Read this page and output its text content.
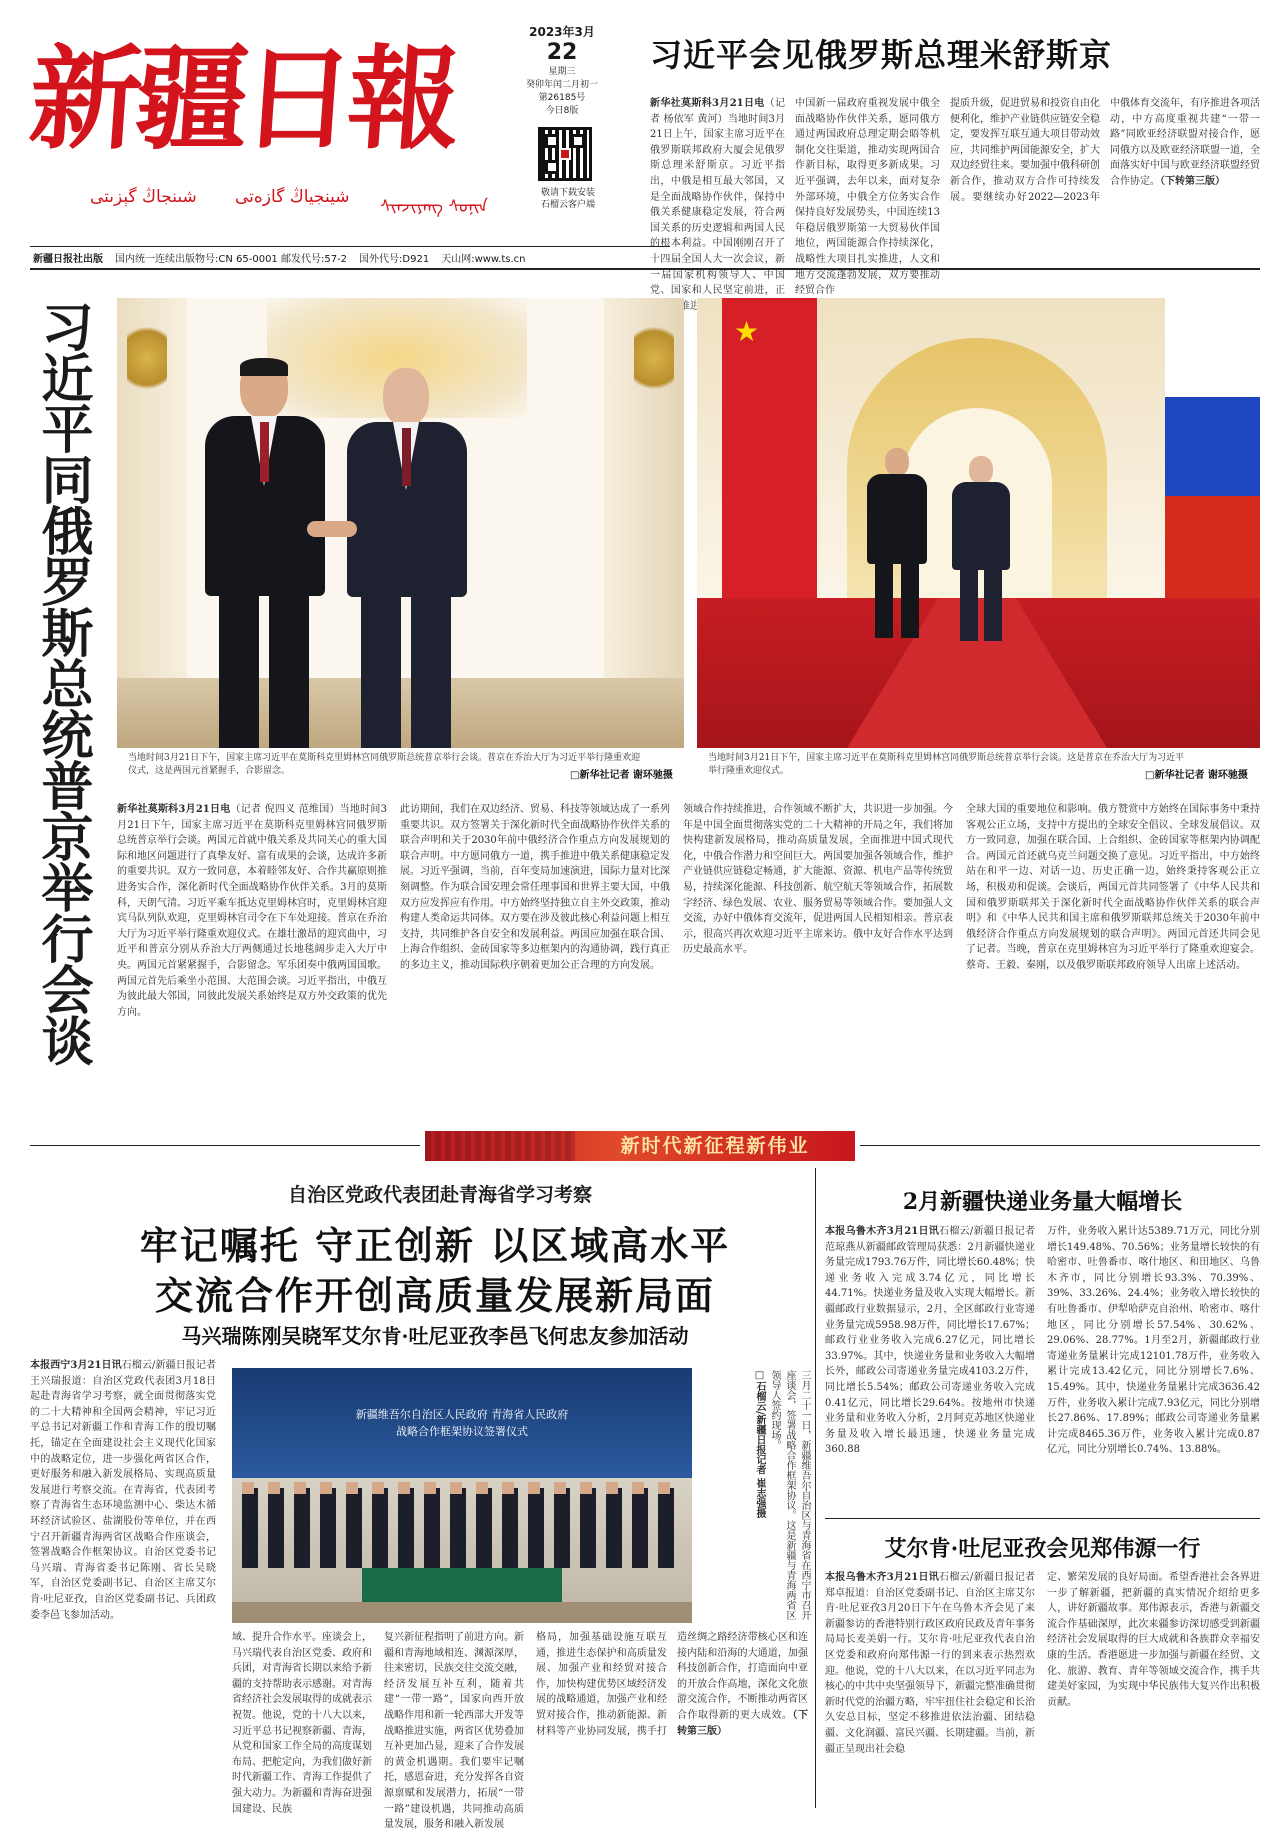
新疆日報
شىنجاڭ گېزىتى شينجياڭ گازەتى ᠰᠢᠨᠵᠢᠶᠠᠩ ᠰᠣᠨᠢᠨ
2023年3月
22
星期三
癸卯年闰二月初一
第26185号
今日8版
敬请下载安装
石榴云客户端
新疆日报社出版 国内统一连续出版物号:CN 65-0001 邮发代号:57-2 国外代号:D921 天山网:www.ts.cn
习近平会见俄罗斯总理米舒斯京
新华社莫斯科3月21日电（记者 杨依军 黄河）当地时间3月21日上午，国家主席习近平在俄罗斯联邦政府大厦会见俄罗斯总理米舒斯京。习近平指出，中俄是相互最大邻国，又是全面战略协作伙伴，保持中俄关系健康稳定发展，符合两国关系的历史逻辑和两国人民的根本利益。中国刚刚召开了十四届全国人大一次会议，新一届国家机构领导人、中国党、国家和人民坚定前进，正 面推进中国
中国新一届政府重视发展中俄全面战略协作伙伴关系，愿同俄方通过两国政府总理定期会晤等机制化交往渠道，推动实现两国合作新目标，取得更多新成果。习近平强调，去年以来，面对复杂外部环境，中俄全方位务实合作保持良好发展势头，中国连续13年稳居俄罗斯第一大贸易伙伴国地位，两国能源合作持续深化，战略性大项目扎实推进，人文和地方交流蓬勃发展，双方要推动经贸合作
提质升级，促进贸易和投资自由化便利化，维护产业链供应链安全稳定，要发挥互联互通大项目带动效应，共同维护两国能源安全，扩大双边经贸往来。要加强中俄科研创新合作，推动双方合作可持续发展。要继续办好2022—2023年中俄体育交流年，有序推进各项活动，中方高度重视共建“一带一路”同欧亚经济联盟对接合作，愿同俄方以及欧亚经济联盟一道，全面落实好中国与欧亚经济联盟经贸合作协定。（下转第三版）
习近平同俄罗斯总统普京举行会谈	当地时间3月21日下午，国家主席习近平在莫斯科克里姆林宫同俄罗斯总统普京举行会谈。普京在乔治大厅为习近平举行隆重欢迎仪式，这是两国元首紧握手，合影留念。	□新华社记者 谢环驰摄
★
当地时间3月21日下午，国家主席习近平在莫斯科克里姆林宫同俄罗斯总统普京举行会谈。这是普京在乔治大厅为习近平举行隆重欢迎仪式。	□新华社记者 谢环驰摄
新华社莫斯科3月21日电（记者 倪四义 范维国）当地时间3月21日下午，国家主席习近平在莫斯科克里姆林宫同俄罗斯总统普京举行会谈。两国元首就中俄关系及共同关心的重大国际和地区问题进行了真挚友好、富有成果的会谈，达成许多新的重要共识。双方一致同意，本着睦邻友好、合作共赢原则推进务实合作，深化新时代全面战略协作伙伴关系。3月的莫斯科，天朗气清。习近平乘车抵达克里姆林宫时，克里姆林宫迎宾马队列队欢迎，克里姆林宫司令在下车处迎接。普京在乔治大厅为习近平举行隆重欢迎仪式。在雄壮激昂的迎宾曲中，习近平和普京分别从乔治大厅两侧通过长地毯阔步走入大厅中央。两国元首紧紧握手，合影留念。军乐团奏中俄两国国歌。两国元首先后乘坐小范围、大范围会谈。习近平指出，中俄互为彼此最大邻国，同彼此发展关系始终是双方外交政策的优先方向。
此访期间，我们在双边经济、贸易、科技等领域达成了一系列重要共识。双方签署关于深化新时代全面战略协作伙伴关系的联合声明和关于2030年前中俄经济合作重点方向发展规划的联合声明。中方愿同俄方一道，携手推进中俄关系健康稳定发展。习近平强调，当前，百年变局加速演进，国际力量对比深刻调整。作为联合国安理会常任理事国和世界主要大国，中俄双方应发挥应有作用。中方始终坚持独立自主外交政策，推动构建人类命运共同体。双方要在涉及彼此核心利益问题上相互支持，共同维护各自安全和发展利益。两国应加强在联合国、上海合作组织、金砖国家等多边框架内的沟通协调，践行真正的多边主义，推动国际秩序朝着更加公正合理的方向发展。
领域合作持续推进，合作领域不断扩大，共识进一步加强。今年是中国全面贯彻落实党的二十大精神的开局之年，我们将加快构建新发展格局，推动高质量发展，全面推进中国式现代化，中俄合作潜力和空间巨大。两国要加强各领域合作，维护产业链供应链稳定畅通，扩大能源、资源、机电产品等传统贸易，持续深化能源、科技创新、航空航天等领域合作，拓展数字经济、绿色发展、农业、服务贸易等领域合作。要加强人文交流，办好中俄体育交流年，促进两国人民相知相亲。普京表示，很高兴再次欢迎习近平主席来访。俄中友好合作水平达到历史最高水平。
全球大国的重要地位和影响。俄方赞赏中方始终在国际事务中秉持客观公正立场，支持中方提出的全球安全倡议、全球发展倡议。双方一致同意，加强在联合国、上合组织、金砖国家等框架内协调配合。两国元首还就乌克兰问题交换了意见。习近平指出，中方始终站在和平一边、对话一边、历史正确一边，始终秉持客观公正立场，积极劝和促谈。会谈后，两国元首共同签署了《中华人民共和国和俄罗斯联邦关于深化新时代全面战略协作伙伴关系的联合声明》和《中华人民共和国主席和俄罗斯联邦总统关于2030年前中俄经济合作重点方向发展规划的联合声明》。两国元首还共同会见了记者。当晚，普京在克里姆林宫为习近平举行了隆重欢迎宴会。蔡奇、王毅、秦刚，以及俄罗斯联邦政府领导人出席上述活动。
新时代新征程新伟业
自治区党政代表团赴青海省学习考察
牢记嘱托 守正创新 以区域高水平
交流合作开创高质量发展新局面
马兴瑞陈刚吴晓军艾尔肯·吐尼亚孜李邑飞何忠友参加活动
本报西宁3月21日讯石榴云/新疆日报记者王兴瑞报道：自治区党政代表团3月18日起赴青海省学习考察，就全面贯彻落实党的二十大精神和全国两会精神，牢记习近平总书记对新疆工作和青海工作的殷切嘱托，锚定在全面建设社会主义现代化国家中的战略定位，进一步强化两省区合作，更好服务和融入新发展格局、实现高质量发展进行考察交流。在青海省，代表团考察了青海省生态环境监测中心、柴达木循环经济试验区、盐湖股份等单位，并在西宁召开新疆青海两省区战略合作座谈会，签署战略合作框架协议。自治区党委书记马兴瑞、青海省委书记陈刚、省长吴晓军，自治区党委副书记、自治区主席艾尔肯·吐尼亚孜，自治区党委副书记、兵团政委李邑飞参加活动。
新疆维吾尔自治区人民政府 青海省人民政府
战略合作框架协议签署仪式	三月二十一日，新疆维吾尔自治区与青海省在西宁市召开座谈会，签署战略合作框架协议。这是新疆与青海两省区领导人签约现场。
□石榴云/新疆日报记者 崔志强摄
域、提升合作水平。座谈会上，马兴瑞代表自治区党委、政府和兵团，对青海省长期以来给予新疆的支持帮助表示感谢。对青海省经济社会发展取得的成就表示祝贺。他说，党的十八大以来，习近平总书记视察新疆、青海，从党和国家工作全局的高度谋划布局、把舵定向，为我们做好新时代新疆工作、青海工作提供了强大动力。为新疆和青海奋进强国建设、民族
复兴新征程指明了前进方向。新疆和青海地域相连、渊源深厚，往来密切，民族交往交流交融，经济发展互补互利，随着共建“一带一路”，国家向西开放战略作用和新一轮西部大开发等战略推进实施，两省区优势叠加互补更加凸显，迎来了合作发展的黄金机遇期。我们要牢记嘱托，感恩奋进，充分发挥各自资源禀赋和发展潜力，拓展“一带一路”建设机遇，共同推动高质量发展，服务和融入新发展
格局，加强基础设施互联互通，推进生态保护和高质量发展、加强产业和经贸对接合作，加快构建优势区域经济发展的战略通道，加强产业和经贸对接合作，推动新能源、新材料等产业协同发展，携手打造丝绸之路经济带核心区和连接内陆和沿海的大通道，加强科技创新合作，打造面向中亚的开放合作高地，深化文化旅游交流合作，不断推动两省区合作取得新的更大成效。（下转第三版）
2月新疆快递业务量大幅增长
本报乌鲁木齐3月21日讯石榴云/新疆日报记者范琼燕从新疆邮政管理局获悉：2月新疆快递业务量完成1793.76万件，同比增长60.48%；快递业务收入完成3.74亿元，同比增长44.71%。快递业务量及收入实现大幅增长。新疆邮政行业数据显示，2月，全区邮政行业寄递业务量完成5958.98万件，同比增长17.67%；邮政行业业务收入完成6.27亿元，同比增长33.97%。其中，快递业务量和业务收入大幅增长外，邮政公司寄递业务量完成4103.2万件，同比增长5.54%；邮政公司寄递业务收入完成0.41亿元，同比增长29.64%。按地州市快递业务量和业务收入分析，2月阿克苏地区快递业务量及收入增长最迅速，快递业务量完成360.88
万件，业务收入累计达5389.71万元，同比分别增长149.48%、70.56%；业务量增长较快的有哈密市、吐鲁番市、喀什地区、和田地区、乌鲁木齐市，同比分别增长93.3%、70.39%、39%、33.26%、24.4%；业务收入增长较快的有吐鲁番市、伊犁哈萨克自治州、哈密市、喀什地区，同比分别增长57.54%、30.62%、29.06%、28.77%。1月至2月，新疆邮政行业寄递业务量累计完成12101.78万件，业务收入累计完成13.42亿元，同比分别增长7.6%、15.49%。其中，快递业务量累计完成3636.42万件，业务收入累计完成7.93亿元，同比分别增长27.86%、17.89%；邮政公司寄递业务量累计完成8465.36万件，业务收入累计完成0.87亿元，同比分别增长0.74%、13.88%。
艾尔肯·吐尼亚孜会见郑伟源一行
本报乌鲁木齐3月21日讯石榴云/新疆日报记者郑卓报道：自治区党委副书记、自治区主席艾尔肯·吐尼亚孜3月20日下午在乌鲁木齐会见了来新疆参访的香港特别行政区政府民政及青年事务局局长麦美娟一行。艾尔肯·吐尼亚孜代表自治区党委和政府向郑伟源一行的到来表示热烈欢迎。他说，党的十八大以来，在以习近平同志为核心的中共中央坚强领导下，新疆完整准确贯彻新时代党的治疆方略，牢牢扭住社会稳定和长治久安总目标，坚定不移推进依法治疆、团结稳疆、文化润疆、富民兴疆、长期建疆。当前，新疆正呈现出社会稳
定、繁荣发展的良好局面。希望香港社会各界进一步了解新疆，把新疆的真实情况介绍给更多人，讲好新疆故事。郑伟源表示，香港与新疆交流合作基础深厚，此次来疆参访深切感受到新疆经济社会发展取得的巨大成就和各族群众幸福安康的生活。香港愿进一步加强与新疆在经贸、文化、旅游、教育、青年等领域交流合作，携手共建美好家园，为实现中华民族伟大复兴作出积极贡献。
